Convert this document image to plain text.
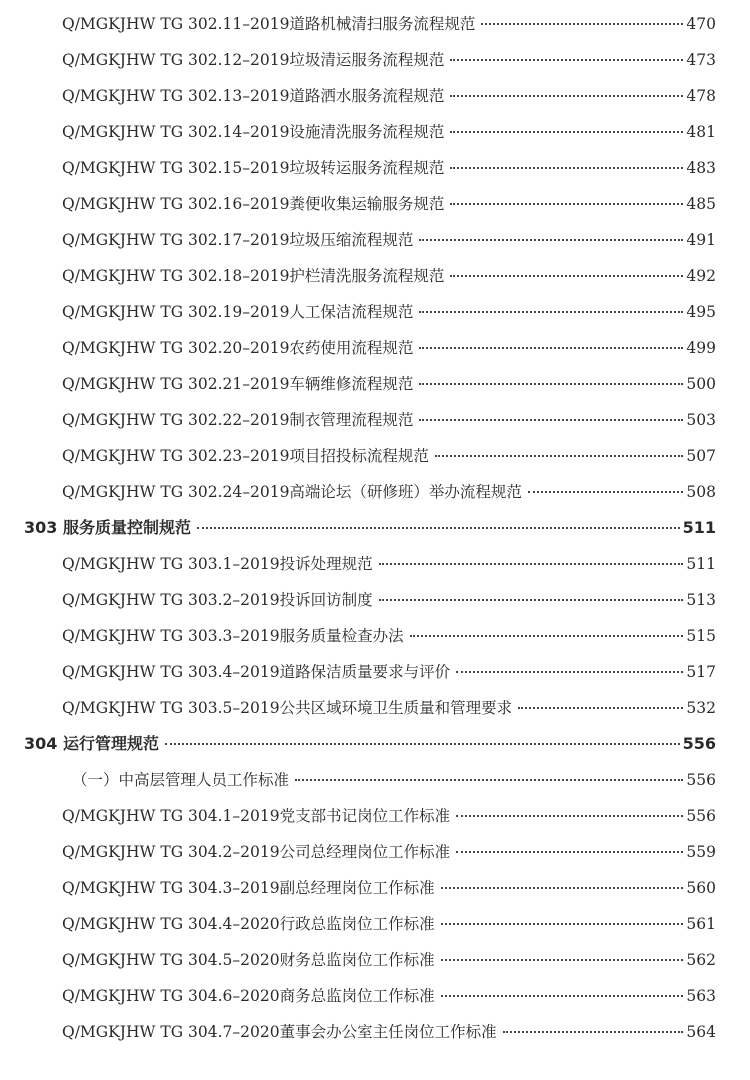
Q/MGKJHW TG 302.11–2019道路机械清扫服务流程规范	470
Q/MGKJHW TG 302.12–2019垃圾清运服务流程规范	473
Q/MGKJHW TG 302.13–2019道路洒水服务流程规范	478
Q/MGKJHW TG 302.14–2019设施清洗服务流程规范	481
Q/MGKJHW TG 302.15–2019垃圾转运服务流程规范	483
Q/MGKJHW TG 302.16–2019粪便收集运输服务规范	485
Q/MGKJHW TG 302.17–2019垃圾压缩流程规范	491
Q/MGKJHW TG 302.18–2019护栏清洗服务流程规范	492
Q/MGKJHW TG 302.19–2019人工保洁流程规范	495
Q/MGKJHW TG 302.20–2019农药使用流程规范	499
Q/MGKJHW TG 302.21–2019车辆维修流程规范	500
Q/MGKJHW TG 302.22–2019制衣管理流程规范	503
Q/MGKJHW TG 302.23–2019项目招投标流程规范	507
Q/MGKJHW TG 302.24–2019高端论坛（研修班）举办流程规范	508
303 服务质量控制规范	511
Q/MGKJHW TG 303.1–2019投诉处理规范	511
Q/MGKJHW TG 303.2–2019投诉回访制度	513
Q/MGKJHW TG 303.3–2019服务质量检查办法	515
Q/MGKJHW TG 303.4–2019道路保洁质量要求与评价	517
Q/MGKJHW TG 303.5–2019公共区域环境卫生质量和管理要求	532
304 运行管理规范	556
（一）中高层管理人员工作标准	556
Q/MGKJHW TG 304.1–2019党支部书记岗位工作标准	556
Q/MGKJHW TG 304.2–2019公司总经理岗位工作标准	559
Q/MGKJHW TG 304.3–2019副总经理岗位工作标准	560
Q/MGKJHW TG 304.4–2020行政总监岗位工作标准	561
Q/MGKJHW TG 304.5–2020财务总监岗位工作标准	562
Q/MGKJHW TG 304.6–2020商务总监岗位工作标准	563
Q/MGKJHW TG 304.7–2020董事会办公室主任岗位工作标准	564
